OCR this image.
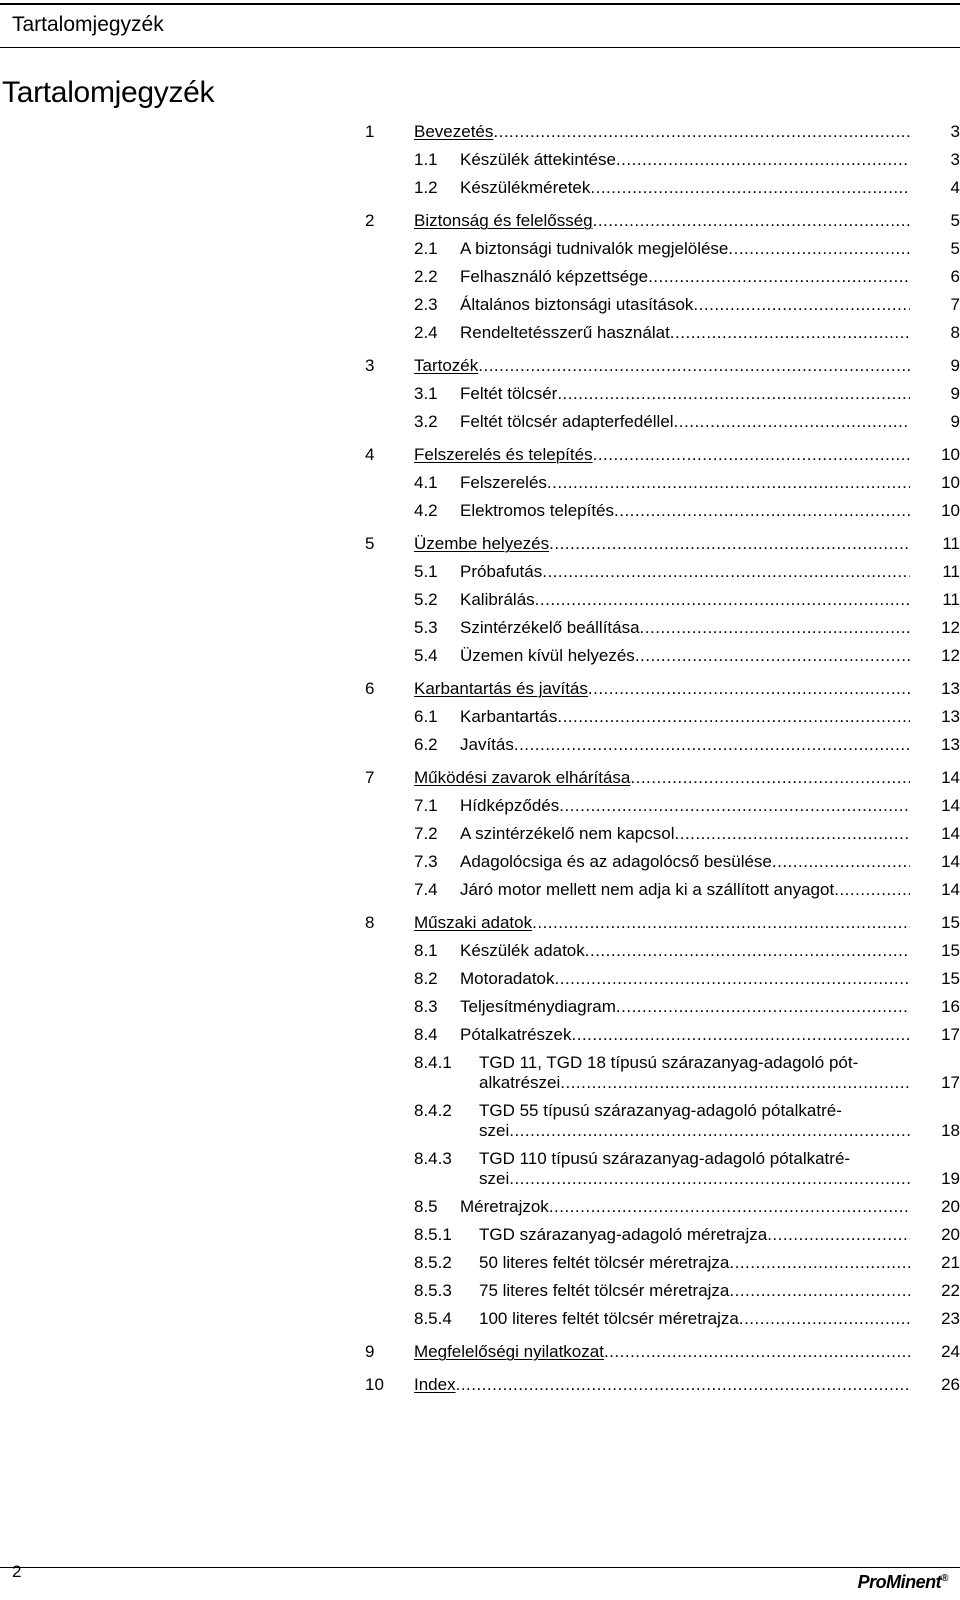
Tartalomjegyzék
Tartalomjegyzék
1 Bevezetés .....	3
1.1 Készülék áttekintése .....	3
1.2 Készülékméretek .....	4
2 Biztonság és felelősség .....	5
2.1 A biztonsági tudnivalók megjelölése .....	5
2.2 Felhasználó képzettsége .....	6
2.3 Általános biztonsági utasítások .....	7
2.4 Rendeltetésszerű használat .....	8
3 Tartozék .....	9
3.1 Feltét tölcsér .....	9
3.2 Feltét tölcsér adapterfedéllel .....	9
4 Felszerelés és telepítés .....	10
4.1 Felszerelés .....	10
4.2 Elektromos telepítés .....	10
5 Üzembe helyezés .....	11
5.1 Próbafutás .....	11
5.2 Kalibrálás .....	11
5.3 Szintérzékelő beállítása .....	12
5.4 Üzemen kívül helyezés .....	12
6 Karbantartás és javítás .....	13
6.1 Karbantartás .....	13
6.2 Javítás .....	13
7 Működési zavarok elhárítása .....	14
7.1 Hídképződés .....	14
7.2 A szintérzékelő nem kapcsol .....	14
7.3 Adagolócsiga és az adagolócső besülése .....	14
7.4 Járó motor mellett nem adja ki a szállított anyagot .....	14
8 Műszaki adatok .....	15
8.1 Készülék adatok .....	15
8.2 Motoradatok .....	15
8.3 Teljesítménydiagram .....	16
8.4 Pótalkatrészek .....	17
8.4.1 TGD 11, TGD 18 típusú szárazanyag-adagoló pót-
alkatrészei .....	17
8.4.2 TGD 55 típusú szárazanyag-adagoló pótalkatré-
szei .....	18
8.4.3 TGD 110 típusú szárazanyag-adagoló pótalkatré-
szei .....	19
8.5 Méretrajzok .....	20
8.5.1 TGD szárazanyag-adagoló méretrajza .....	20
8.5.2 50 literes feltét tölcsér méretrajza .....	21
8.5.3 75 literes feltét tölcsér méretrajza .....	22
8.5.4 100 literes feltét tölcsér méretrajza .....	23
9 Megfelelőségi nyilatkozat .....	24
10 Index .....	26
2
ProMinent®
